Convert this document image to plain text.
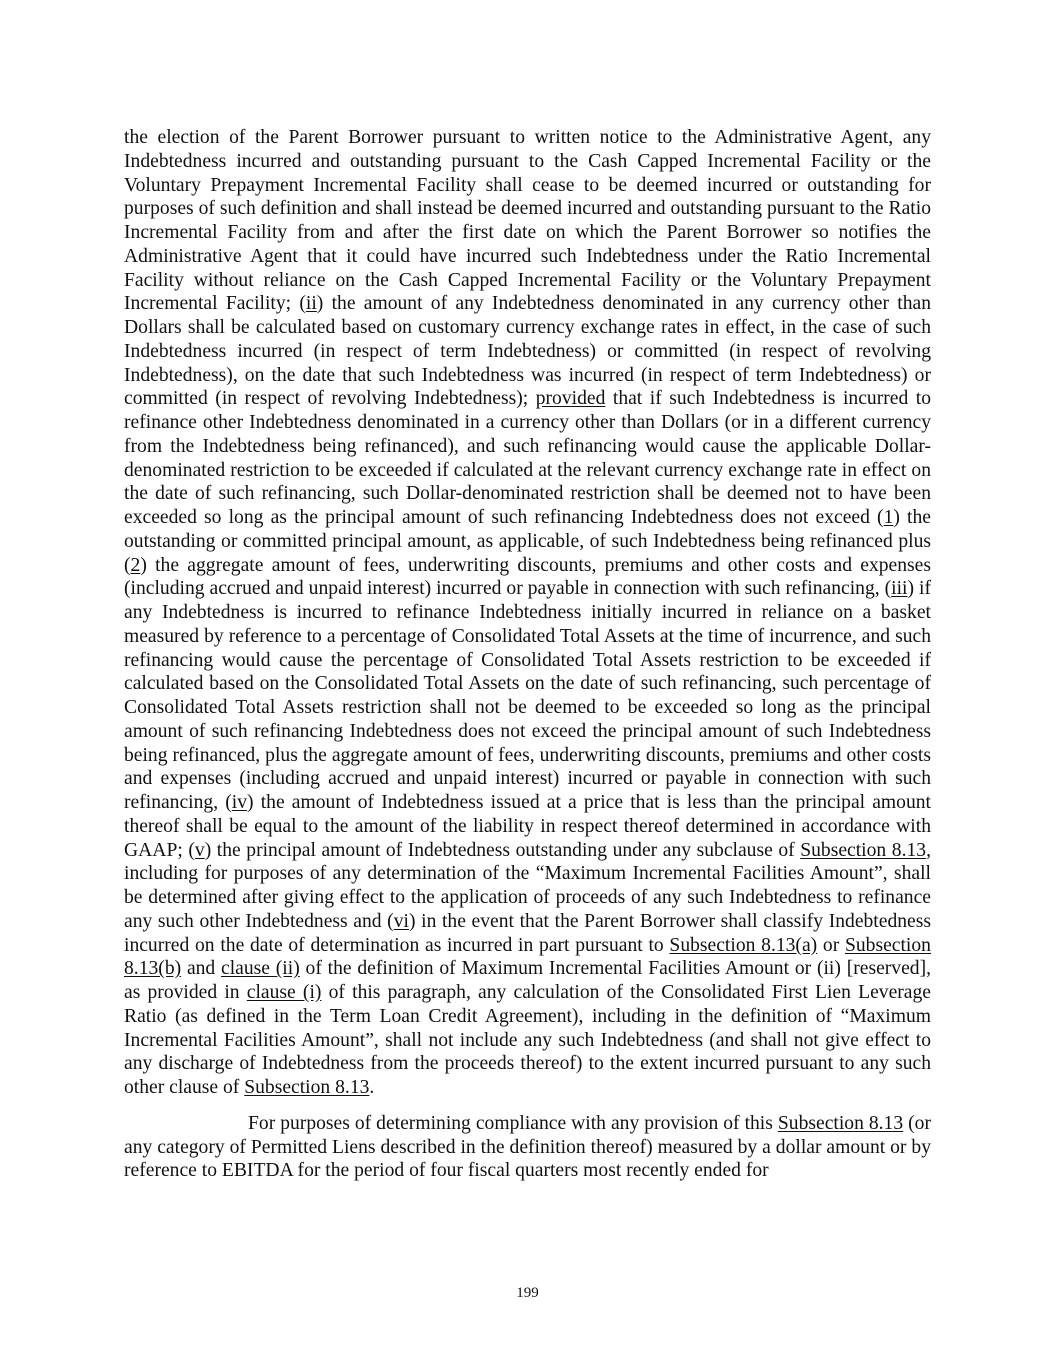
the election of the Parent Borrower pursuant to written notice to the Administrative Agent, any Indebtedness incurred and outstanding pursuant to the Cash Capped Incremental Facility or the Voluntary Prepayment Incremental Facility shall cease to be deemed incurred or outstanding for purposes of such definition and shall instead be deemed incurred and outstanding pursuant to the Ratio Incremental Facility from and after the first date on which the Parent Borrower so notifies the Administrative Agent that it could have incurred such Indebtedness under the Ratio Incremental Facility without reliance on the Cash Capped Incremental Facility or the Voluntary Prepayment Incremental Facility; (ii) the amount of any Indebtedness denominated in any currency other than Dollars shall be calculated based on customary currency exchange rates in effect, in the case of such Indebtedness incurred (in respect of term Indebtedness) or committed (in respect of revolving Indebtedness), on the date that such Indebtedness was incurred (in respect of term Indebtedness) or committed (in respect of revolving Indebtedness); provided that if such Indebtedness is incurred to refinance other Indebtedness denominated in a currency other than Dollars (or in a different currency from the Indebtedness being refinanced), and such refinancing would cause the applicable Dollar-denominated restriction to be exceeded if calculated at the relevant currency exchange rate in effect on the date of such refinancing, such Dollar-denominated restriction shall be deemed not to have been exceeded so long as the principal amount of such refinancing Indebtedness does not exceed (1) the outstanding or committed principal amount, as applicable, of such Indebtedness being refinanced plus (2) the aggregate amount of fees, underwriting discounts, premiums and other costs and expenses (including accrued and unpaid interest) incurred or payable in connection with such refinancing, (iii) if any Indebtedness is incurred to refinance Indebtedness initially incurred in reliance on a basket measured by reference to a percentage of Consolidated Total Assets at the time of incurrence, and such refinancing would cause the percentage of Consolidated Total Assets restriction to be exceeded if calculated based on the Consolidated Total Assets on the date of such refinancing, such percentage of Consolidated Total Assets restriction shall not be deemed to be exceeded so long as the principal amount of such refinancing Indebtedness does not exceed the principal amount of such Indebtedness being refinanced, plus the aggregate amount of fees, underwriting discounts, premiums and other costs and expenses (including accrued and unpaid interest) incurred or payable in connection with such refinancing, (iv) the amount of Indebtedness issued at a price that is less than the principal amount thereof shall be equal to the amount of the liability in respect thereof determined in accordance with GAAP; (v) the principal amount of Indebtedness outstanding under any subclause of Subsection 8.13, including for purposes of any determination of the “Maximum Incremental Facilities Amount”, shall be determined after giving effect to the application of proceeds of any such Indebtedness to refinance any such other Indebtedness and (vi) in the event that the Parent Borrower shall classify Indebtedness incurred on the date of determination as incurred in part pursuant to Subsection 8.13(a) or Subsection 8.13(b) and clause (ii) of the definition of Maximum Incremental Facilities Amount or (ii) [reserved], as provided in clause (i) of this paragraph, any calculation of the Consolidated First Lien Leverage Ratio (as defined in the Term Loan Credit Agreement), including in the definition of “Maximum Incremental Facilities Amount”, shall not include any such Indebtedness (and shall not give effect to any discharge of Indebtedness from the proceeds thereof) to the extent incurred pursuant to any such other clause of Subsection 8.13.

For purposes of determining compliance with any provision of this Subsection 8.13 (or any category of Permitted Liens described in the definition thereof) measured by a dollar amount or by reference to EBITDA for the period of four fiscal quarters most recently ended for

199
